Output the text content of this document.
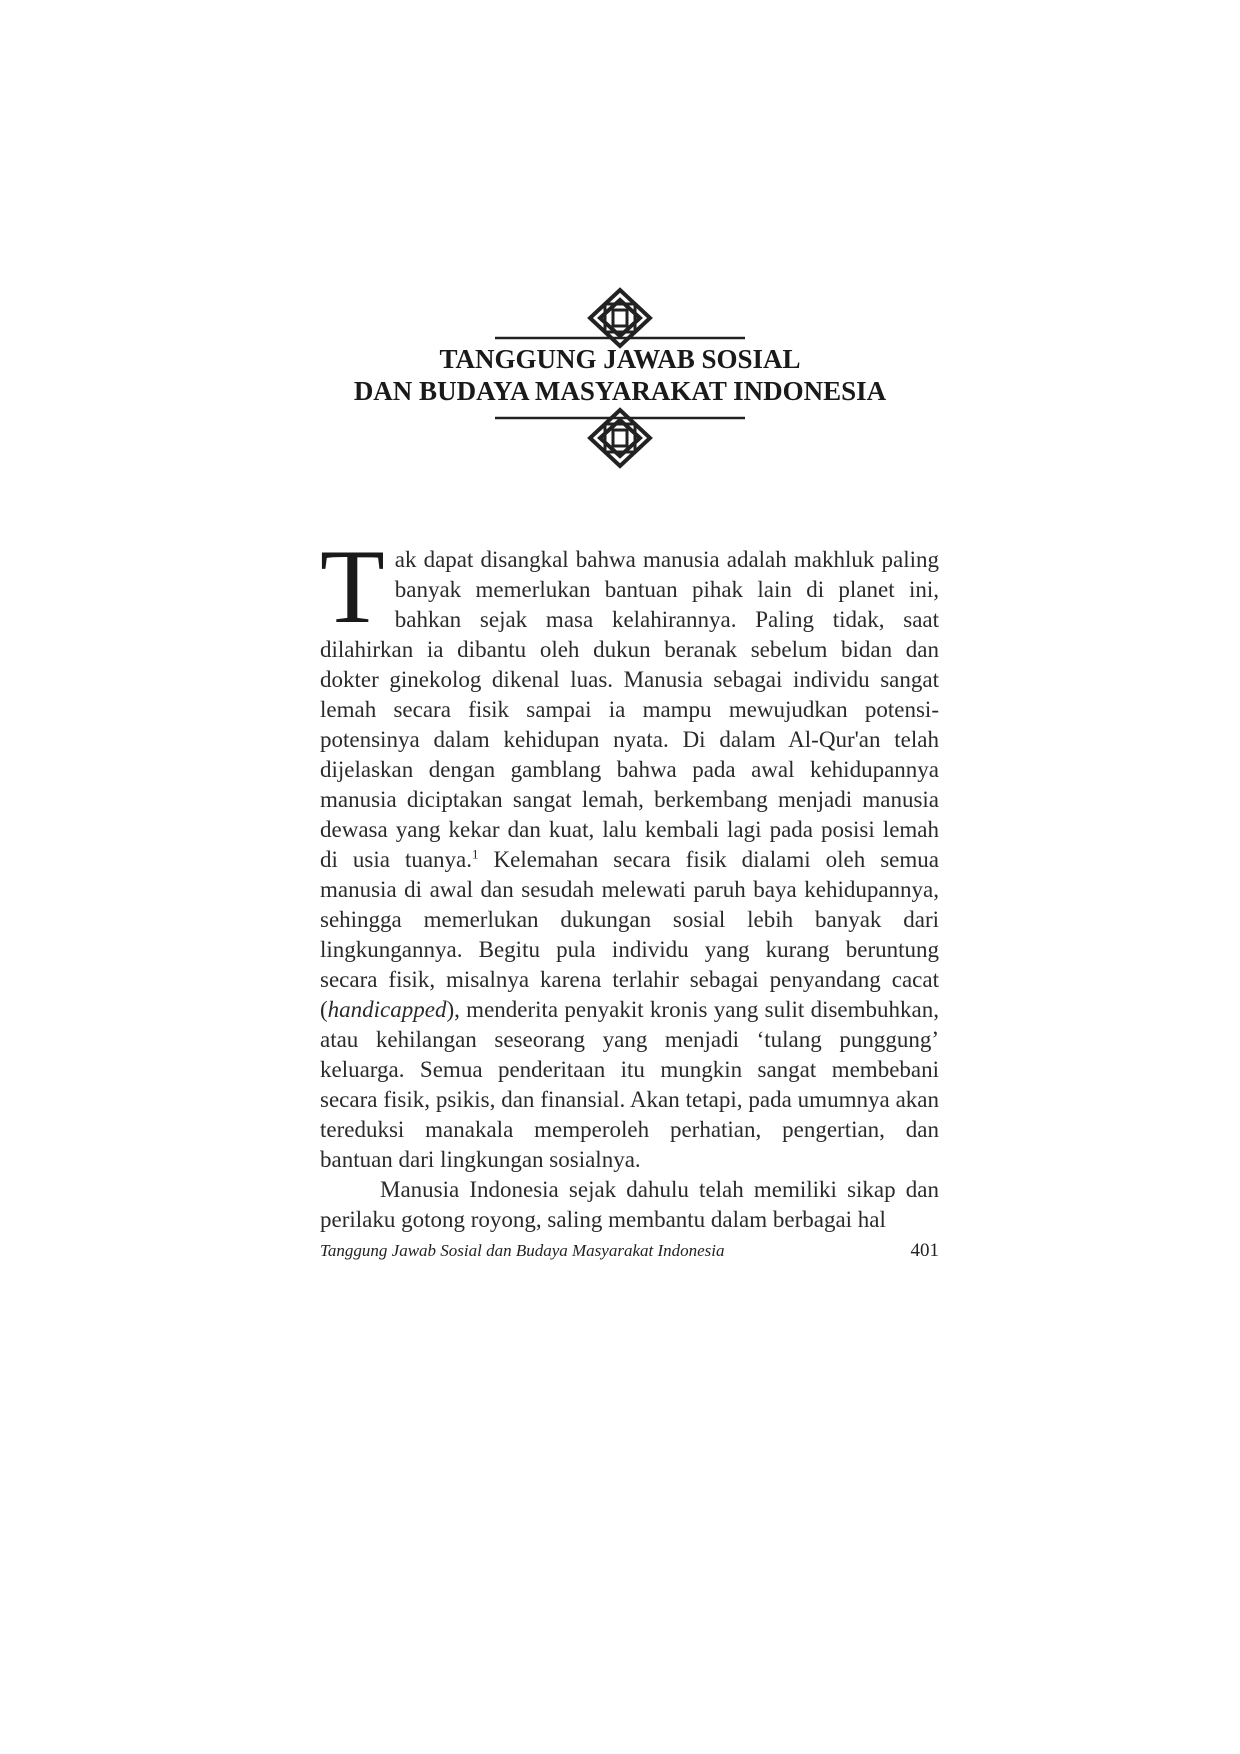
TANGGUNG JAWAB SOSIAL
DAN BUDAYA MASYARAKAT INDONESIA

Tak dapat disangkal bahwa manusia adalah makhluk paling banyak memerlukan bantuan pihak lain di planet ini, bahkan sejak masa kelahirannya. Paling tidak, saat dilahirkan ia dibantu oleh dukun beranak sebelum bidan dan dokter ginekolog dikenal luas. Manusia sebagai individu sangat lemah secara fisik sampai ia mampu mewujudkan potensi-potensinya dalam kehidupan nyata. Di dalam Al-Qur'an telah dijelaskan dengan gamblang bahwa pada awal kehidupannya manusia diciptakan sangat lemah, berkembang menjadi manusia dewasa yang kekar dan kuat, lalu kembali lagi pada posisi lemah di usia tuanya.$^1$ Kelemahan secara fisik dialami oleh semua manusia di awal dan sesudah melewati paruh baya kehidupannya, sehingga memerlukan dukungan sosial lebih banyak dari lingkungannya. Begitu pula individu yang kurang beruntung secara fisik, misalnya karena terlahir sebagai penyandang cacat (handicapped), menderita penyakit kronis yang sulit disembuhkan, atau kehilangan seseorang yang menjadi ‘tulang punggung’ keluarga. Semua penderitaan itu mungkin sangat membebani secara fisik, psikis, dan finansial. Akan tetapi, pada umumnya akan tereduksi manakala memperoleh perhatian, pengertian, dan bantuan dari lingkungan sosialnya.

Manusia Indonesia sejak dahulu telah memiliki sikap dan perilaku gotong royong, saling membantu dalam berbagai hal

Tanggung Jawab Sosial dan Budaya Masyarakat Indonesia	401
